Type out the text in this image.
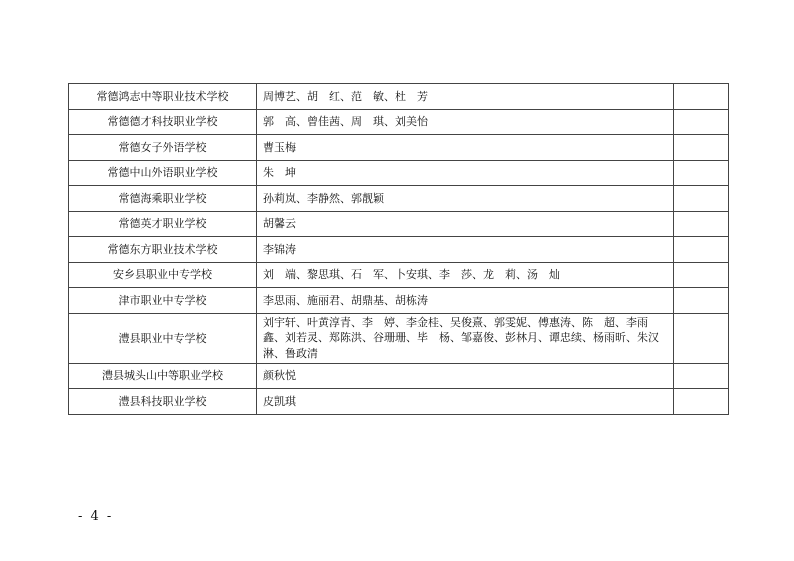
常德鸿志中等职业技术学校	周博艺、胡　红、范　敏、杜　芳	
常德德才科技职业学校	郭　高、曾佳茜、周　琪、刘美怡	
常德女子外语学校	曹玉梅	
常德中山外语职业学校	朱　坤	
常德海乘职业学校	孙莉岚、李静然、郭靓颖	
常德英才职业学校	胡馨云	
常德东方职业技术学校	李锦涛	
安乡县职业中专学校	刘　端、黎思琪、石　军、卜安琪、李　莎、龙　莉、汤　灿	
津市职业中专学校	李思雨、施丽君、胡鼎基、胡栋涛	
澧县职业中专学校	刘宇轩、叶黄淳青、李　婷、李金桂、吴俊熹、郭雯妮、傅惠涛、陈　超、李雨鑫、刘若灵、郑陈洪、谷珊珊、毕　杨、邹嘉俊、彭林月、谭忠续、杨雨昕、朱汉淋、鲁政清	
澧县城头山中等职业学校	颜秋悦	
澧县科技职业学校	皮凯琪	
- 4 -
